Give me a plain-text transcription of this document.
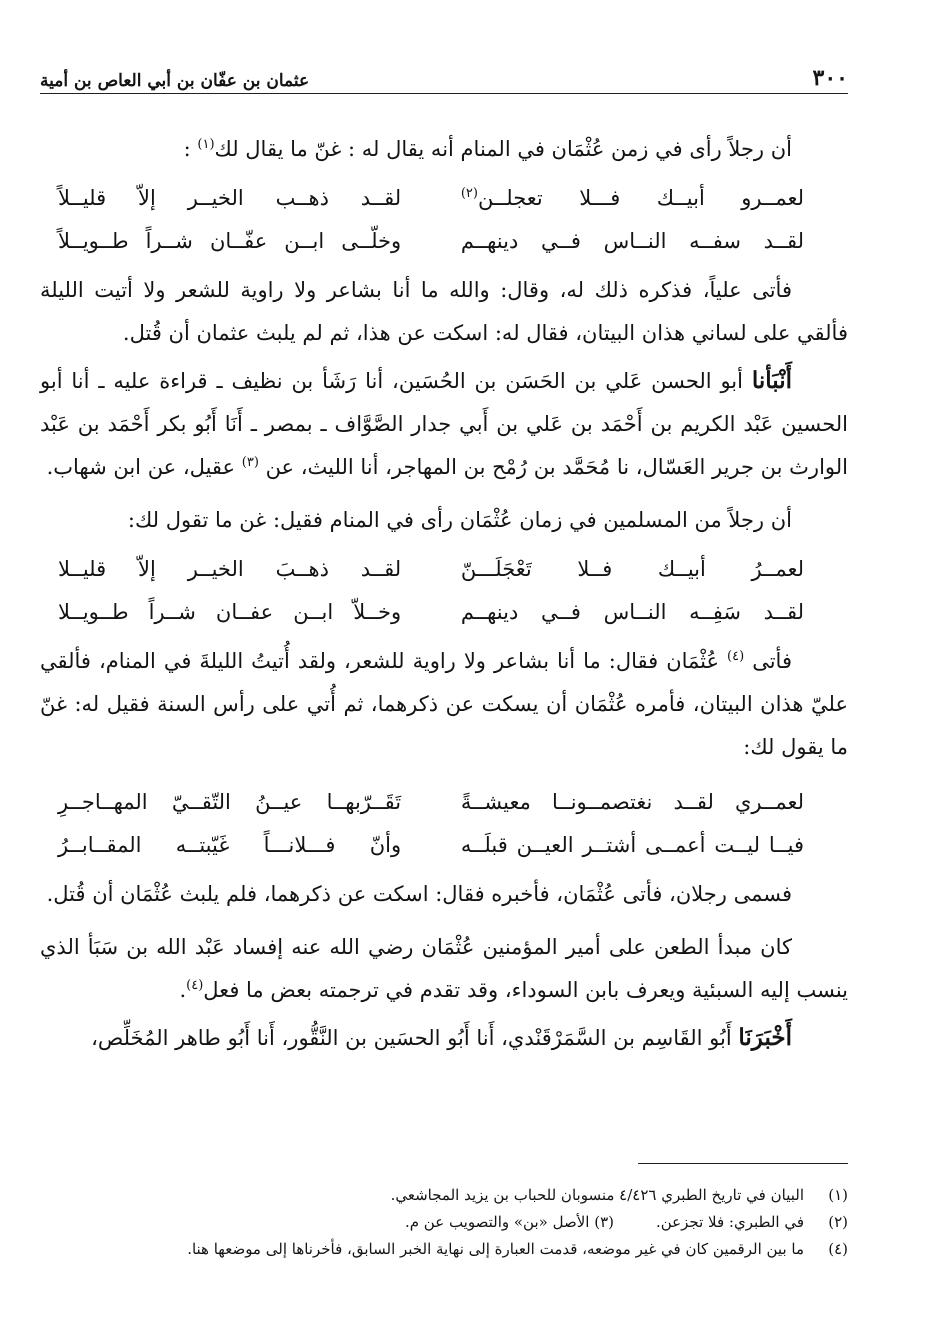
٣٠٠
عثمان بن عفّان بن أبي العاص بن أمية

أن رجلاً رأى في زمن عُثْمَان في المنام أنه يقال له : غنّ ما يقال لك$^{(١)}$ :

لعمــرو أبيــك فـــلا تعجلــن$^{(٢)}$
لقــد ذهــب الخيــر إلاّ قليــلاً
لقــد سفــه النــاس فــي دينهــم
وخلّــى ابــن عفّــان شــراً طــويــلاً

فأتى علياً، فذكره ذلك له، وقال: والله ما أنا بشاعر ولا راوية للشعر ولا أتيت الليلة فألقي على لساني هذان البيتان، فقال له: اسكت عن هذا، ثم لم يلبث عثمان أن قُتل.

أَنْبَأنا أبو الحسن عَلي بن الحَسَن بن الحُسَين، أنا رَشَأ بن نظيف ـ قراءة عليه ـ أنا أبو الحسين عَبْد الكريم بن أَحْمَد بن عَلي بن أَبي جدار الصَّوَّاف ـ بمصر ـ أَنَا أَبُو بكر أَحْمَد بن عَبْد الوارث بن جرير العَسّال، نا مُحَمَّد بن رُمْح بن المهاجر، أنا الليث، عن $^{(٣)}$ عقيل، عن ابن شهاب.

أن رجلاً من المسلمين في زمان عُثْمَان رأى في المنام فقيل: غن ما تقول لك:

لعمــرُ أبيــك فــلا تَعْجَلَـــنّ
لقــد ذهــبَ الخيــر إلاّ قليــلا
لقــد سَفِــه النــاس فــي دينهــم
وخــلاّ ابــن عفــان شــراً طــويــلا

فأتى $^{(٤)}$ عُثْمَان فقال: ما أنا بشاعر ولا راوية للشعر، ولقد أُتيتُ الليلةَ في المنام، فألقي عليّ هذان البيتان، فأمره عُثْمَان أن يسكت عن ذكرهما، ثم أُتي على رأس السنة فقيل له: غنّ ما يقول لك:

لعمــري لقــد نغتصمــونــا معيشــةً
تَقَــرّبهــا عيــنُ التّقــيّ المهــاجــرِ
فيــا ليــت أعمــى أشتــر العيــن قبلَــه
وأنّ فـــلانـــاً غَيّبتــه المقــابــرُ

فسمى رجلان، فأتى عُثْمَان، فأخبره فقال: اسكت عن ذكرهما، فلم يلبث عُثْمَان أن قُتل.

كان مبدأ الطعن على أمير المؤمنين عُثْمَان رضي الله عنه إفساد عَبْد الله بن سَبَأ الذي ينسب إليه السبئية ويعرف بابن السوداء، وقد تقدم في ترجمته بعض ما فعل$^{(٤)}$.

أَخْبَرَنَا أَبُو القَاسِم بن السَّمَرْقَنْدي، أَنا أَبُو الحسَين بن النَّقُّور، أَنا أَبُو طاهر المُخَلِّص،

(١)البيان في تاريخ الطبري ٤/٤٢٦ منسوبان للحباب بن يزيد المجاشعي.
(٢)في الطبري: فلا تجزعن.(٣) الأصل «بن» والتصويب عن م.
(٤)ما بين الرقمين كان في غير موضعه، قدمت العبارة إلى نهاية الخبر السابق، فأخرناها إلى موضعها هنا.
